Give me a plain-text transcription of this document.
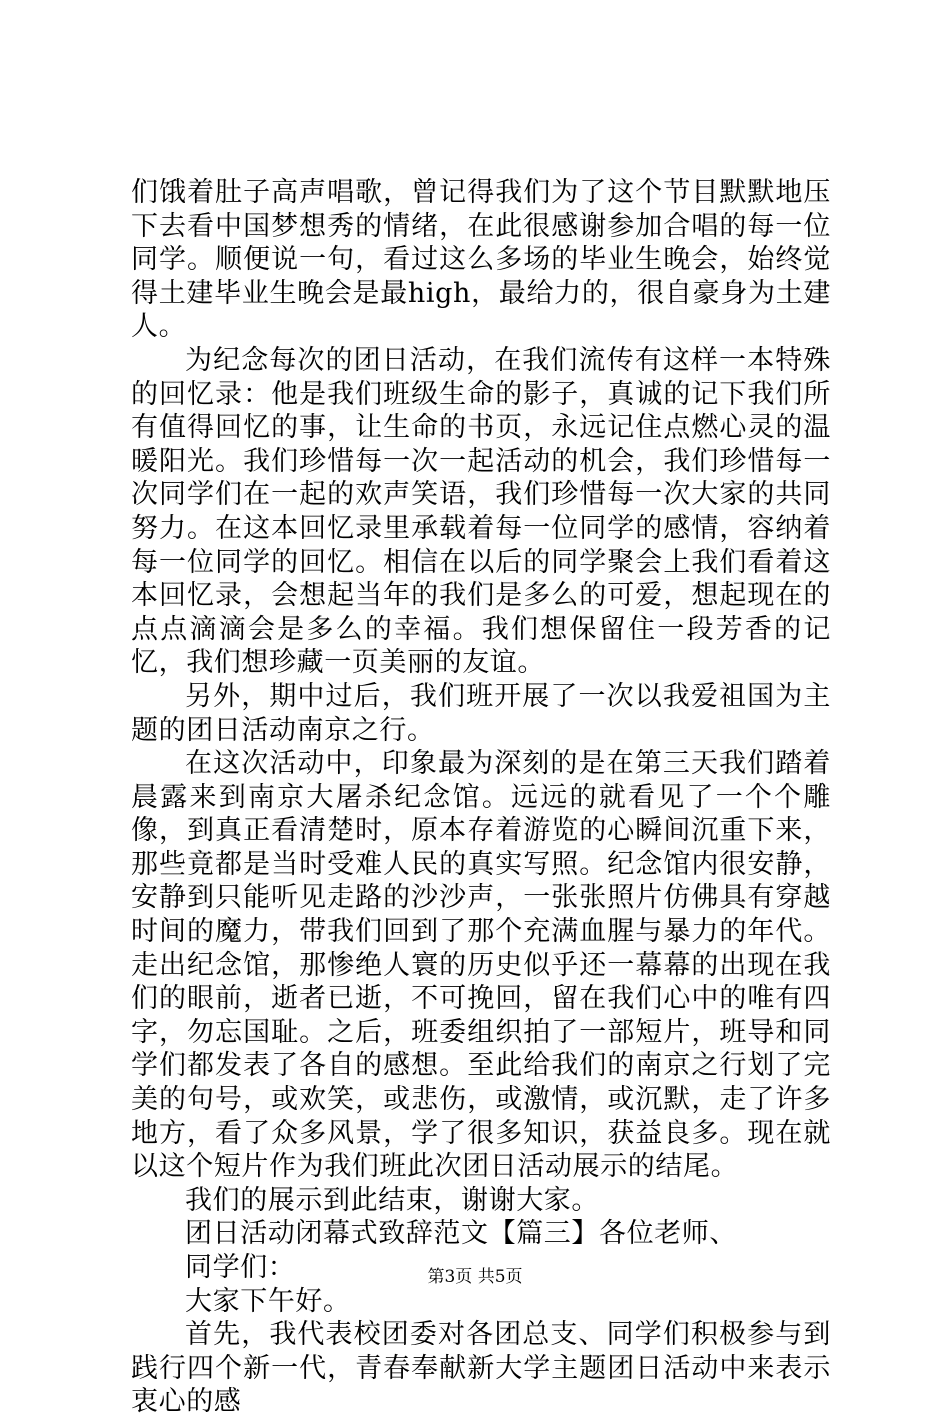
们饿着肚子高声唱歌，曾记得我们为了这个节目默默地压下去看中国梦想秀的情绪，在此很感谢参加合唱的每一位同学。顺便说一句，看过这么多场的毕业生晚会，始终觉得土建毕业生晚会是最high，最给力的，很自豪身为土建人。

为纪念每次的团日活动，在我们流传有这样一本特殊的回忆录：他是我们班级生命的影子，真诚的记下我们所有值得回忆的事，让生命的书页，永远记住点燃心灵的温暖阳光。我们珍惜每一次一起活动的机会，我们珍惜每一次同学们在一起的欢声笑语，我们珍惜每一次大家的共同努力。在这本回忆录里承载着每一位同学的感情，容纳着每一位同学的回忆。相信在以后的同学聚会上我们看着这本回忆录，会想起当年的我们是多么的可爱，想起现在的点点滴滴会是多么的幸福。我们想保留住一段芳香的记忆，我们想珍藏一页美丽的友谊。

另外，期中过后，我们班开展了一次以我爱祖国为主题的团日活动南京之行。

在这次活动中，印象最为深刻的是在第三天我们踏着晨露来到南京大屠杀纪念馆。远远的就看见了一个个雕像，到真正看清楚时，原本存着游览的心瞬间沉重下来，那些竟都是当时受难人民的真实写照。纪念馆内很安静，安静到只能听见走路的沙沙声，一张张照片仿佛具有穿越时间的魔力，带我们回到了那个充满血腥与暴力的年代。走出纪念馆，那惨绝人寰的历史似乎还一幕幕的出现在我们的眼前，逝者已逝，不可挽回，留在我们心中的唯有四字，勿忘国耻。之后，班委组织拍了一部短片，班导和同学们都发表了各自的感想。至此给我们的南京之行划了完美的句号，或欢笑，或悲伤，或激情，或沉默，走了许多地方，看了众多风景，学了很多知识，获益良多。现在就以这个短片作为我们班此次团日活动展示的结尾。

我们的展示到此结束，谢谢大家。

团日活动闭幕式致辞范文【篇三】各位老师、

同学们：

大家下午好。

首先，我代表校团委对各团总支、同学们积极参与到践行四个新一代，青春奉献新大学主题团日活动中来表示衷心的感

第3页 共5页
